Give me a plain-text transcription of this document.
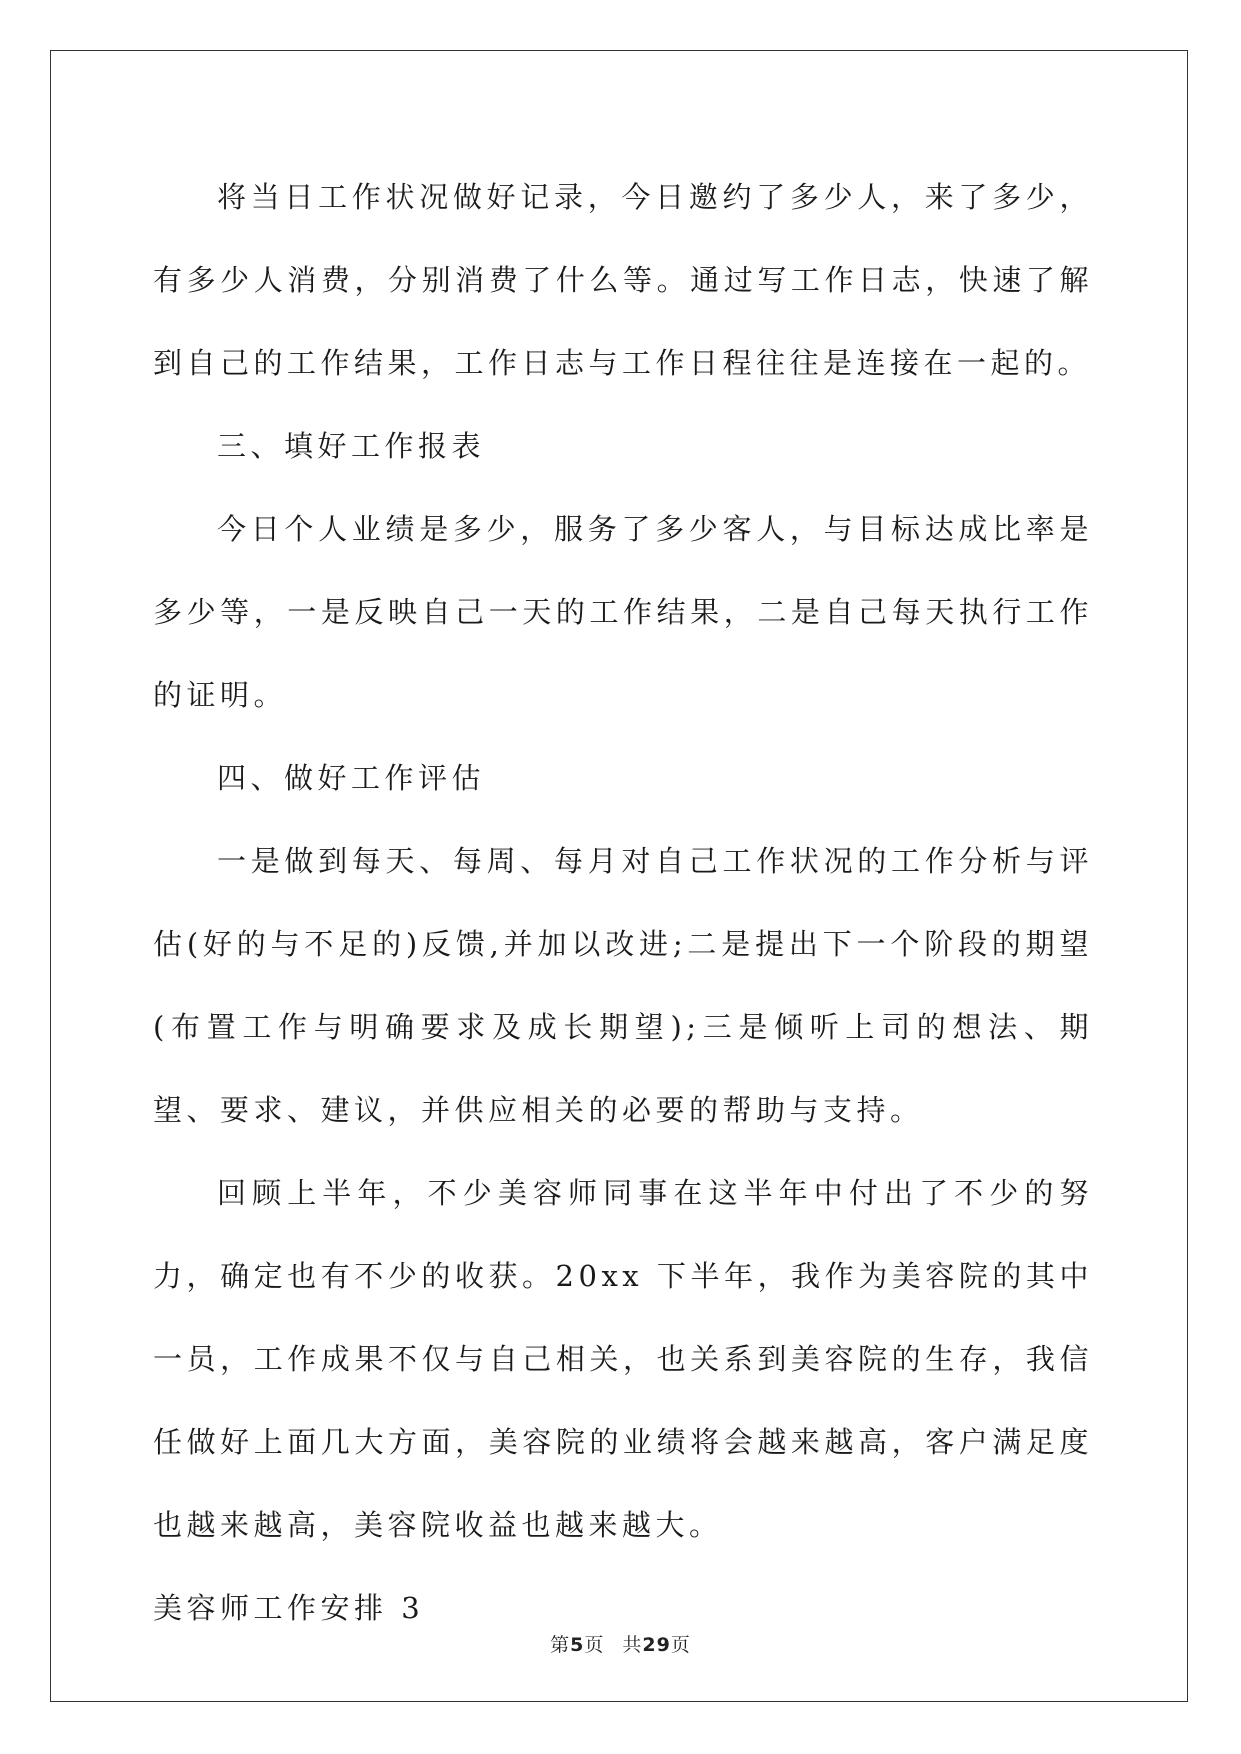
将当日工作状况做好记录，今日邀约了多少人，来了多少，有多少人消费，分别消费了什么等。通过写工作日志，快速了解到自己的工作结果，工作日志与工作日程往往是连接在一起的。

三、填好工作报表

今日个人业绩是多少，服务了多少客人，与目标达成比率是多少等，一是反映自己一天的工作结果，二是自己每天执行工作的证明。

四、做好工作评估

一是做到每天、每周、每月对自己工作状况的工作分析与评估(好的与不足的)反馈,并加以改进;二是提出下一个阶段的期望(布置工作与明确要求及成长期望);三是倾听上司的想法、期望、要求、建议，并供应相关的必要的帮助与支持。

回顾上半年，不少美容师同事在这半年中付出了不少的努力，确定也有不少的收获。20xx 下半年，我作为美容院的其中一员，工作成果不仅与自己相关，也关系到美容院的生存，我信任做好上面几大方面，美容院的业绩将会越来越高，客户满足度也越来越高，美容院收益也越来越大。

美容师工作安排 3

第5页 共29页
